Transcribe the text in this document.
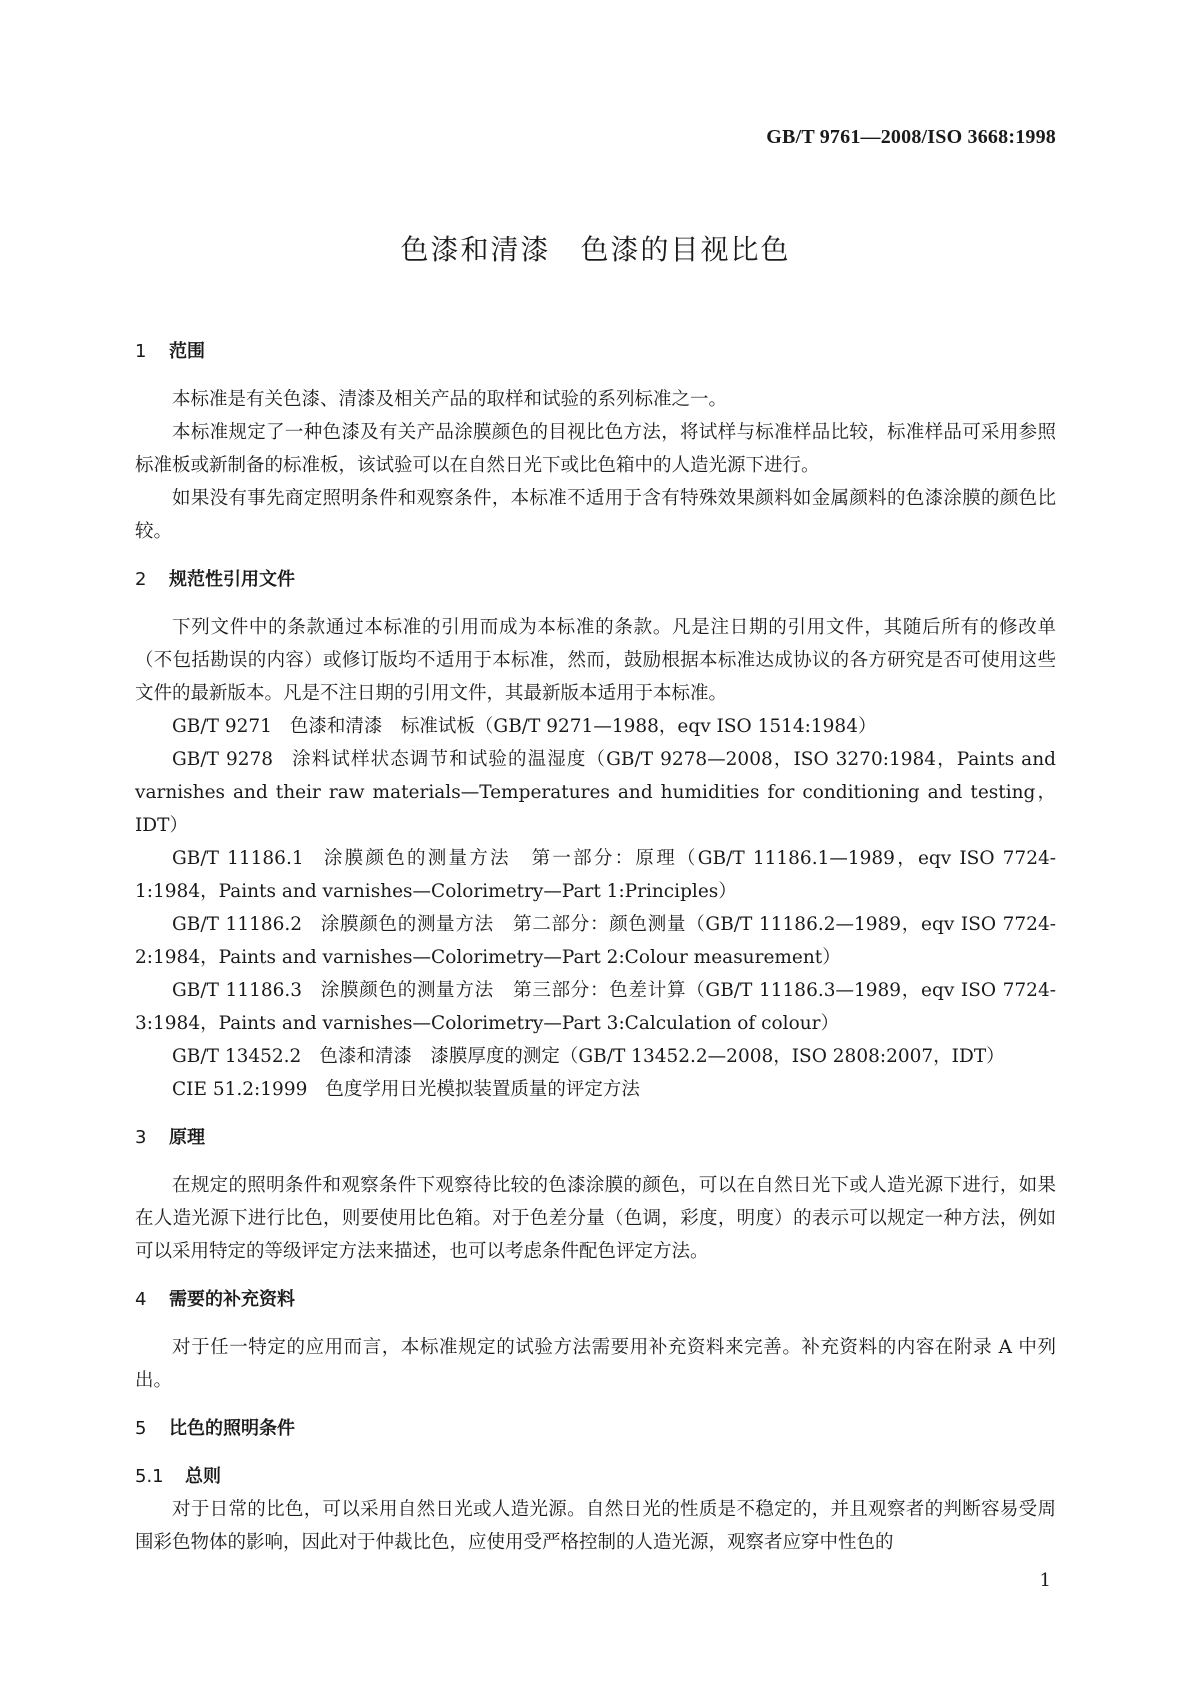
GB/T 9761—2008/ISO 3668:1998
色漆和清漆　色漆的目视比色
1 范围

本标准是有关色漆、清漆及相关产品的取样和试验的系列标准之一。

本标准规定了一种色漆及有关产品涂膜颜色的目视比色方法，将试样与标准样品比较，标准样品可采用参照标准板或新制备的标准板，该试验可以在自然日光下或比色箱中的人造光源下进行。

如果没有事先商定照明条件和观察条件，本标准不适用于含有特殊效果颜料如金属颜料的色漆涂膜的颜色比较。

2 规范性引用文件

下列文件中的条款通过本标准的引用而成为本标准的条款。凡是注日期的引用文件，其随后所有的修改单（不包括勘误的内容）或修订版均不适用于本标准，然而，鼓励根据本标准达成协议的各方研究是否可使用这些文件的最新版本。凡是不注日期的引用文件，其最新版本适用于本标准。

GB/T 9271 色漆和清漆　标准试板（GB/T 9271—1988，eqv ISO 1514:1984）

GB/T 9278 涂料试样状态调节和试验的温湿度（GB/T 9278—2008，ISO 3270:1984，Paints and varnishes and their raw materials—Temperatures and humidities for conditioning and testing，IDT）

GB/T 11186.1 涂膜颜色的测量方法　第一部分：原理（GB/T 11186.1—1989，eqv ISO 7724-1:1984，Paints and varnishes—Colorimetry—Part 1:Principles）

GB/T 11186.2 涂膜颜色的测量方法　第二部分：颜色测量（GB/T 11186.2—1989，eqv ISO 7724-2:1984，Paints and varnishes—Colorimetry—Part 2:Colour measurement）

GB/T 11186.3 涂膜颜色的测量方法　第三部分：色差计算（GB/T 11186.3—1989，eqv ISO 7724-3:1984，Paints and varnishes—Colorimetry—Part 3:Calculation of colour）

GB/T 13452.2 色漆和清漆　漆膜厚度的测定（GB/T 13452.2—2008，ISO 2808:2007，IDT）

CIE 51.2:1999 色度学用日光模拟装置质量的评定方法

3 原理

在规定的照明条件和观察条件下观察待比较的色漆涂膜的颜色，可以在自然日光下或人造光源下进行，如果在人造光源下进行比色，则要使用比色箱。对于色差分量（色调，彩度，明度）的表示可以规定一种方法，例如可以采用特定的等级评定方法来描述，也可以考虑条件配色评定方法。

4 需要的补充资料

对于任一特定的应用而言，本标准规定的试验方法需要用补充资料来完善。补充资料的内容在附录 A 中列出。

5 比色的照明条件
5.1 总则

对于日常的比色，可以采用自然日光或人造光源。自然日光的性质是不稳定的，并且观察者的判断容易受周围彩色物体的影响，因此对于仲裁比色，应使用受严格控制的人造光源，观察者应穿中性色的

1
